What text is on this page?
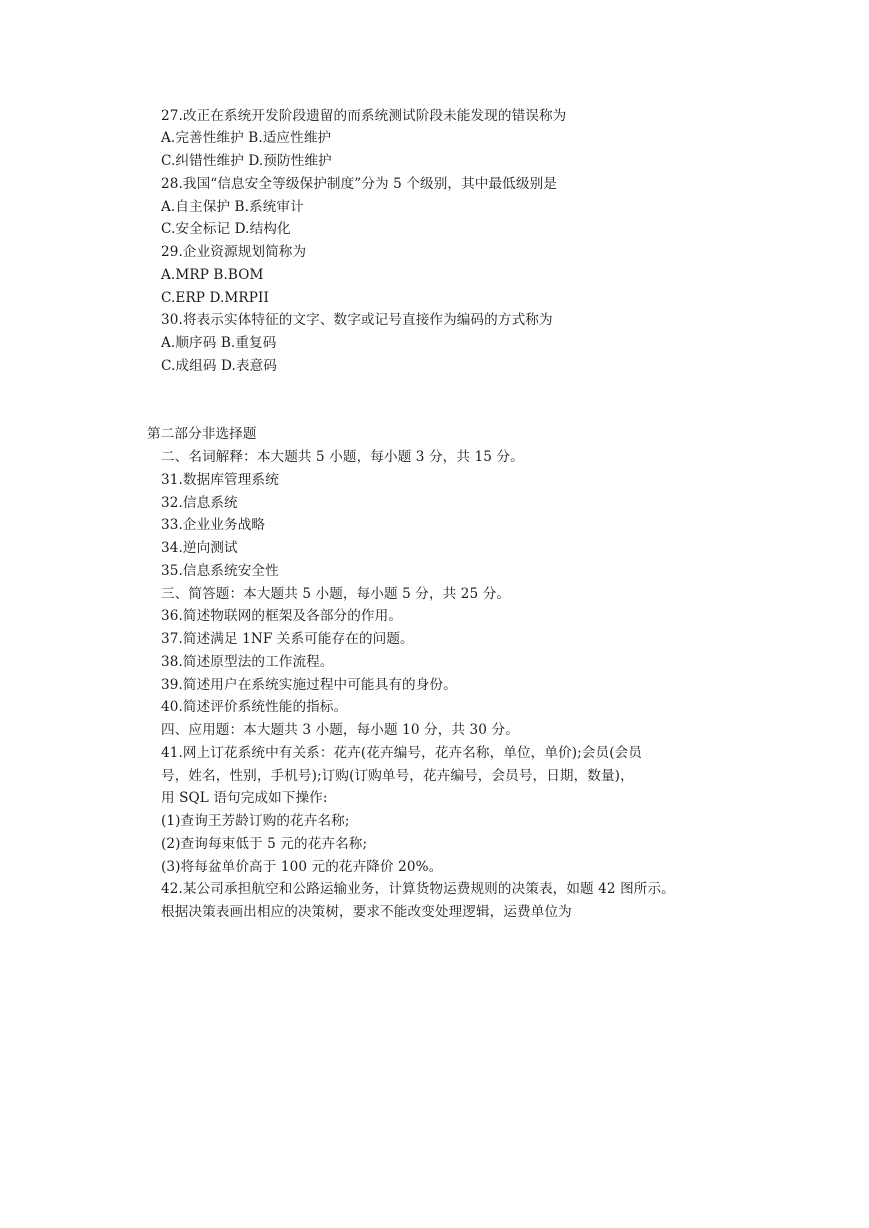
27.改正在系统开发阶段遗留的而系统测试阶段未能发现的错误称为
A.完善性维护 B.适应性维护
C.纠错性维护 D.预防性维护
28.我国“信息安全等级保护制度”分为 5 个级别，其中最低级别是
A.自主保护 B.系统审计
C.安全标记 D.结构化
29.企业资源规划简称为
A.MRP B.BOM
C.ERP D.MRPII
30.将表示实体特征的文字、数字或记号直接作为编码的方式称为
A.顺序码 B.重复码
C.成组码 D.表意码
第二部分非选择题
二、名词解释：本大题共 5 小题，每小题 3 分，共 15 分。
31.数据库管理系统
32.信息系统
33.企业业务战略
34.逆向测试
35.信息系统安全性
三、简答题：本大题共 5 小题，每小题 5 分，共 25 分。
36.简述物联网的框架及各部分的作用。
37.简述满足 1NF 关系可能存在的问题。
38.简述原型法的工作流程。
39.简述用户在系统实施过程中可能具有的身份。
40.简述评价系统性能的指标。
四、应用题：本大题共 3 小题，每小题 10 分，共 30 分。
41.网上订花系统中有关系：花卉(花卉编号，花卉名称，单位，单价);会员(会员
号，姓名，性别，手机号);订购(订购单号，花卉编号，会员号，日期，数量)，
用 SQL 语句完成如下操作:
(1)查询王芳龄订购的花卉名称;
(2)查询每束低于 5 元的花卉名称;
(3)将每盆单价高于 100 元的花卉降价 20%。
42.某公司承担航空和公路运输业务，计算货物运费规则的决策表，如题 42 图所示。
根据决策表画出相应的决策树，要求不能改变处理逻辑，运费单位为
